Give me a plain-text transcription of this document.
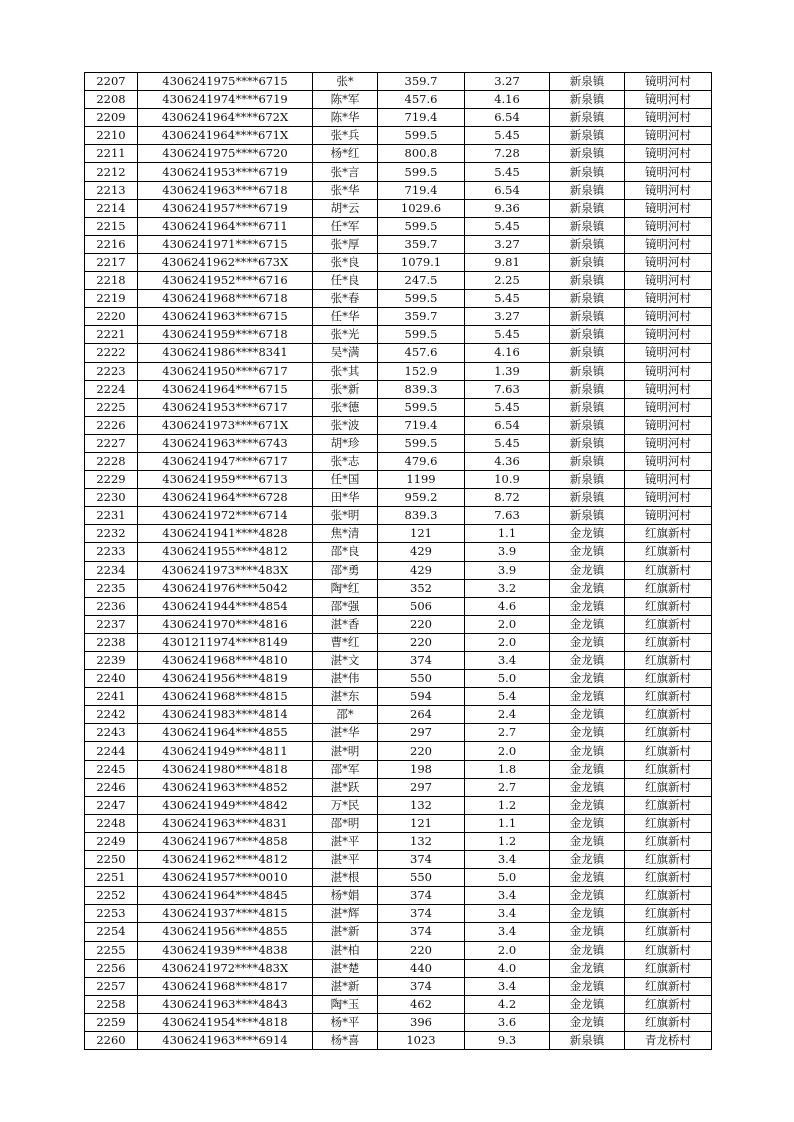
2207	4306241975****6715	张*	359.7	3.27	新泉镇	镜明河村
2208	4306241974****6719	陈*军	457.6	4.16	新泉镇	镜明河村
2209	4306241964****672X	陈*华	719.4	6.54	新泉镇	镜明河村
2210	4306241964****671X	张*兵	599.5	5.45	新泉镇	镜明河村
2211	4306241975****6720	杨*红	800.8	7.28	新泉镇	镜明河村
2212	4306241953****6719	张*言	599.5	5.45	新泉镇	镜明河村
2213	4306241963****6718	张*华	719.4	6.54	新泉镇	镜明河村
2214	4306241957****6719	胡*云	1029.6	9.36	新泉镇	镜明河村
2215	4306241964****6711	任*军	599.5	5.45	新泉镇	镜明河村
2216	4306241971****6715	张*厚	359.7	3.27	新泉镇	镜明河村
2217	4306241962****673X	张*良	1079.1	9.81	新泉镇	镜明河村
2218	4306241952****6716	任*良	247.5	2.25	新泉镇	镜明河村
2219	4306241968****6718	张*春	599.5	5.45	新泉镇	镜明河村
2220	4306241963****6715	任*华	359.7	3.27	新泉镇	镜明河村
2221	4306241959****6718	张*光	599.5	5.45	新泉镇	镜明河村
2222	4306241986****8341	吴*满	457.6	4.16	新泉镇	镜明河村
2223	4306241950****6717	张*其	152.9	1.39	新泉镇	镜明河村
2224	4306241964****6715	张*新	839.3	7.63	新泉镇	镜明河村
2225	4306241953****6717	张*德	599.5	5.45	新泉镇	镜明河村
2226	4306241973****671X	张*波	719.4	6.54	新泉镇	镜明河村
2227	4306241963****6743	胡*珍	599.5	5.45	新泉镇	镜明河村
2228	4306241947****6717	张*志	479.6	4.36	新泉镇	镜明河村
2229	4306241959****6713	任*国	1199	10.9	新泉镇	镜明河村
2230	4306241964****6728	田*华	959.2	8.72	新泉镇	镜明河村
2231	4306241972****6714	张*明	839.3	7.63	新泉镇	镜明河村
2232	4306241941****4828	焦*清	121	1.1	金龙镇	红旗新村
2233	4306241955****4812	邵*良	429	3.9	金龙镇	红旗新村
2234	4306241973****483X	邵*勇	429	3.9	金龙镇	红旗新村
2235	4306241976****5042	陶*红	352	3.2	金龙镇	红旗新村
2236	4306241944****4854	邵*强	506	4.6	金龙镇	红旗新村
2237	4306241970****4816	湛*香	220	2.0	金龙镇	红旗新村
2238	4301211974****8149	曹*红	220	2.0	金龙镇	红旗新村
2239	4306241968****4810	湛*文	374	3.4	金龙镇	红旗新村
2240	4306241956****4819	湛*伟	550	5.0	金龙镇	红旗新村
2241	4306241968****4815	湛*东	594	5.4	金龙镇	红旗新村
2242	4306241983****4814	邵*	264	2.4	金龙镇	红旗新村
2243	4306241964****4855	湛*华	297	2.7	金龙镇	红旗新村
2244	4306241949****4811	湛*明	220	2.0	金龙镇	红旗新村
2245	4306241980****4818	邵*军	198	1.8	金龙镇	红旗新村
2246	4306241963****4852	湛*跃	297	2.7	金龙镇	红旗新村
2247	4306241949****4842	万*民	132	1.2	金龙镇	红旗新村
2248	4306241963****4831	邵*明	121	1.1	金龙镇	红旗新村
2249	4306241967****4858	湛*平	132	1.2	金龙镇	红旗新村
2250	4306241962****4812	湛*平	374	3.4	金龙镇	红旗新村
2251	4306241957****0010	湛*根	550	5.0	金龙镇	红旗新村
2252	4306241964****4845	杨*娟	374	3.4	金龙镇	红旗新村
2253	4306241937****4815	湛*辉	374	3.4	金龙镇	红旗新村
2254	4306241956****4855	湛*新	374	3.4	金龙镇	红旗新村
2255	4306241939****4838	湛*柏	220	2.0	金龙镇	红旗新村
2256	4306241972****483X	湛*楚	440	4.0	金龙镇	红旗新村
2257	4306241968****4817	湛*新	374	3.4	金龙镇	红旗新村
2258	4306241963****4843	陶*玉	462	4.2	金龙镇	红旗新村
2259	4306241954****4818	杨*平	396	3.6	金龙镇	红旗新村
2260	4306241963****6914	杨*喜	1023	9.3	新泉镇	青龙桥村
